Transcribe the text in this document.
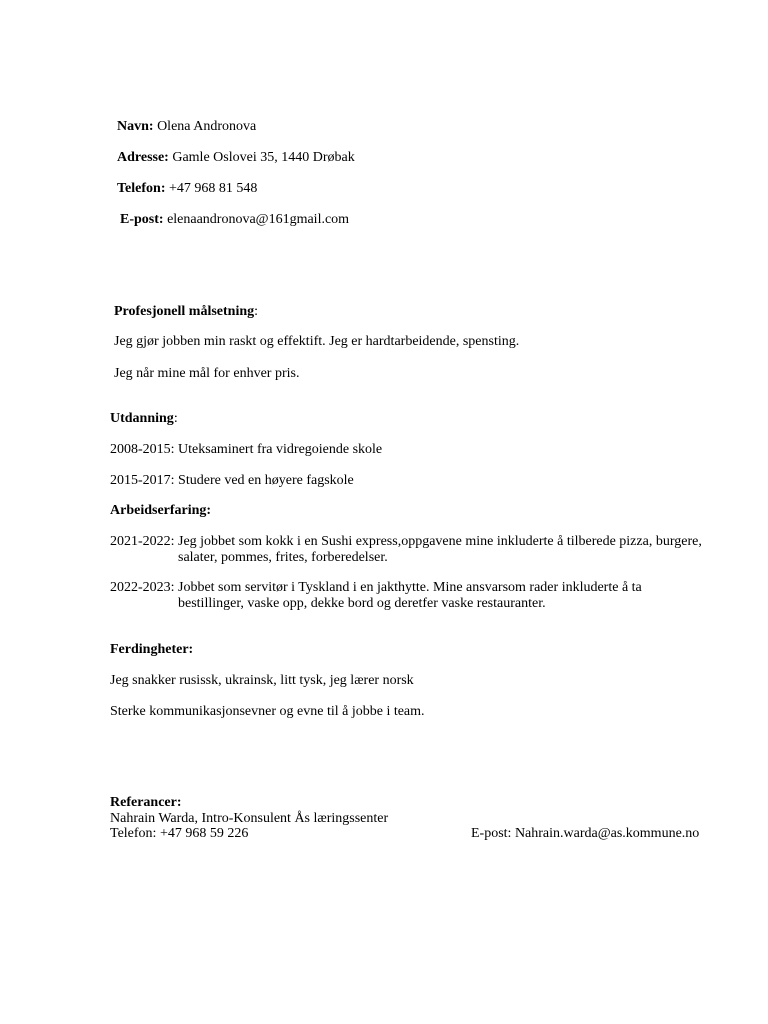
Navn: Olena Andronova
Adresse: Gamle Oslovei 35, 1440 Drøbak
Telefon: +47 968 81 548
E-post: elenaandronova@161gmail.com
Profesjonell målsetning:
Jeg gjør jobben min raskt og effektift. Jeg er hardtarbeidende, spensting.
Jeg når mine mål for enhver pris.
Utdanning:
2008-2015: Uteksaminert fra vidregoiende skole
2015-2017: Studere ved en høyere fagskole
Arbeidserfaring:
2021-2022: Jeg jobbet som kokk i en Sushi express,oppgavene mine inkluderte å tilberede pizza, burgere, salater, pommes, frites, forberedelser.
2022-2023: Jobbet som servitør i Tyskland i en jakthytte. Mine ansvarsom rader inkluderte å ta bestillinger, vaske opp, dekke bord og deretfer vaske restauranter.
Ferdingheter:
Jeg snakker rusissk, ukrainsk, litt tysk, jeg lærer norsk
Sterke kommunikasjonsevner og evne til å jobbe i team.
Referancer:
Nahrain Warda, Intro-Konsulent Ås læringssenter
Telefon: +47 968 59 226	E-post: Nahrain.warda@as.kommune.no
